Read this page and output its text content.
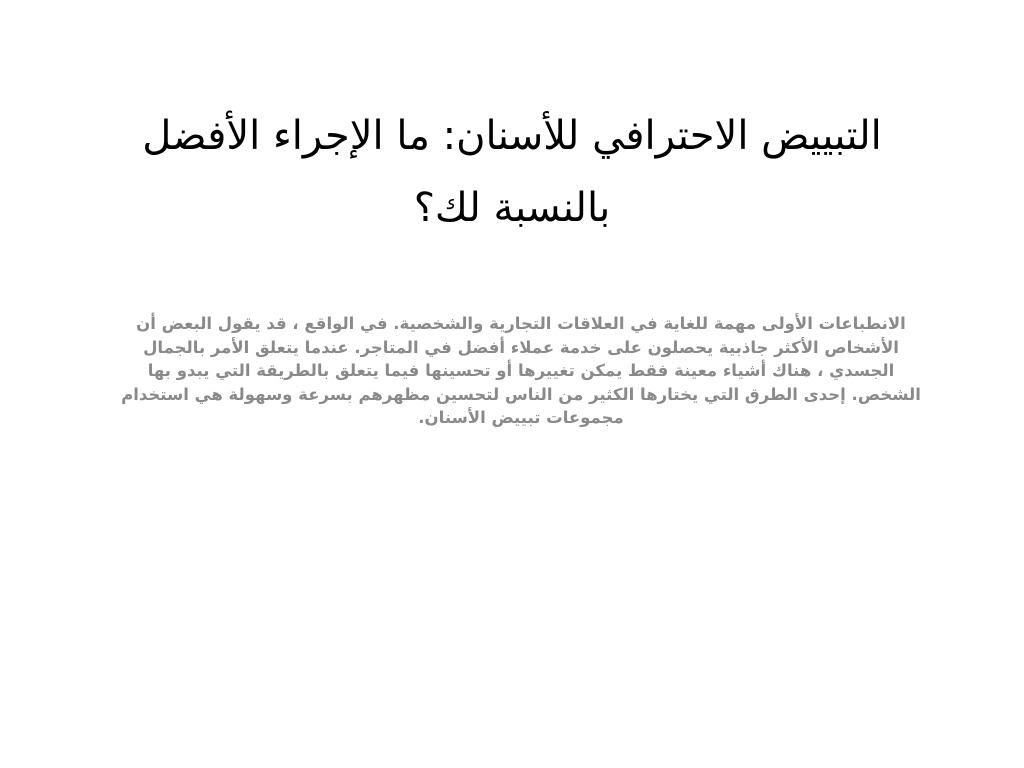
التبييض الاحترافي للأسنان: ما الإجراء الأفضل بالنسبة لك؟
الانطباعات الأولى مهمة للغاية في العلاقات التجارية والشخصية. في الواقع ، قد يقول البعض أن الأشخاص الأكثر جاذبية يحصلون على خدمة عملاء أفضل في المتاجر. عندما يتعلق الأمر بالجمال الجسدي ، هناك أشياء معينة فقط يمكن تغييرها أو تحسينها فيما يتعلق بالطريقة التي يبدو بها الشخص. إحدى الطرق التي يختارها الكثير من الناس لتحسين مظهرهم بسرعة وسهولة هي استخدام مجموعات تبييض الأسنان.
